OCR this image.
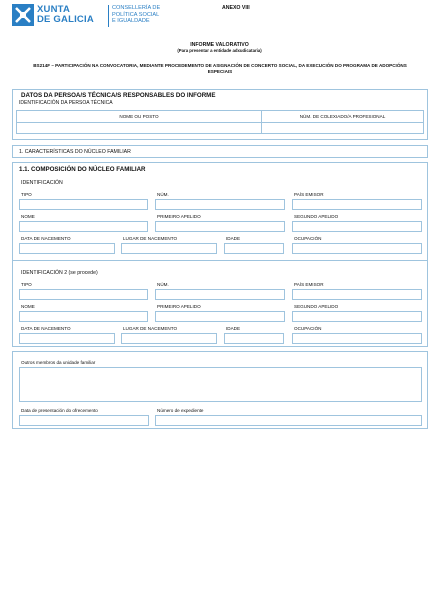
XUNTA
DE GALICIA
CONSELLERÍA DE
POLÍTICA SOCIAL
E IGUALDADE
ANEXO VIII
INFORME VALORATIVO
(Para presentar a entidade adxudicataria)
BS214F – PARTICIPACIÓN NA CONVOCATORIA, MEDIANTE PROCEDEMENTO DE ASIGNACIÓN DE CONCERTO SOCIAL, DA EXECUCIÓN DO PROGRAMA DE ADOPCIÓNS ESPECIAIS
DATOS DA PERSOA/S TÉCNICA/S RESPONSABLES DO INFORME
IDENTIFICACIÓN DA PERSOA TÉCNICA
NOME OU POSTO	NÚM. DE COLEXIADO/A PROFESIONAL
1. CARACTERÍSTICAS DO NÚCLEO FAMILIAR
1.1. COMPOSICIÓN DO NÚCLEO FAMILIAR
IDENTIFICACIÓN
TIPO	NÚM.	PAÍS EMISOR
NOME	PRIMEIRO APELIDO	SEGUNDO APELIDO
DATA DE NACEMENTO	LUGAR DE NACEMENTO	IDADE	OCUPACIÓN
IDENTIFICACIÓN 2 (se procede)
TIPO	NÚM.	PAÍS EMISOR
NOME	PRIMEIRO APELIDO	SEGUNDO APELIDO
DATA DE NACEMENTO	LUGAR DE NACEMENTO	IDADE	OCUPACIÓN
Outros membros da unidade familiar
Data de presentación do ofrecemento	Número de expediente
